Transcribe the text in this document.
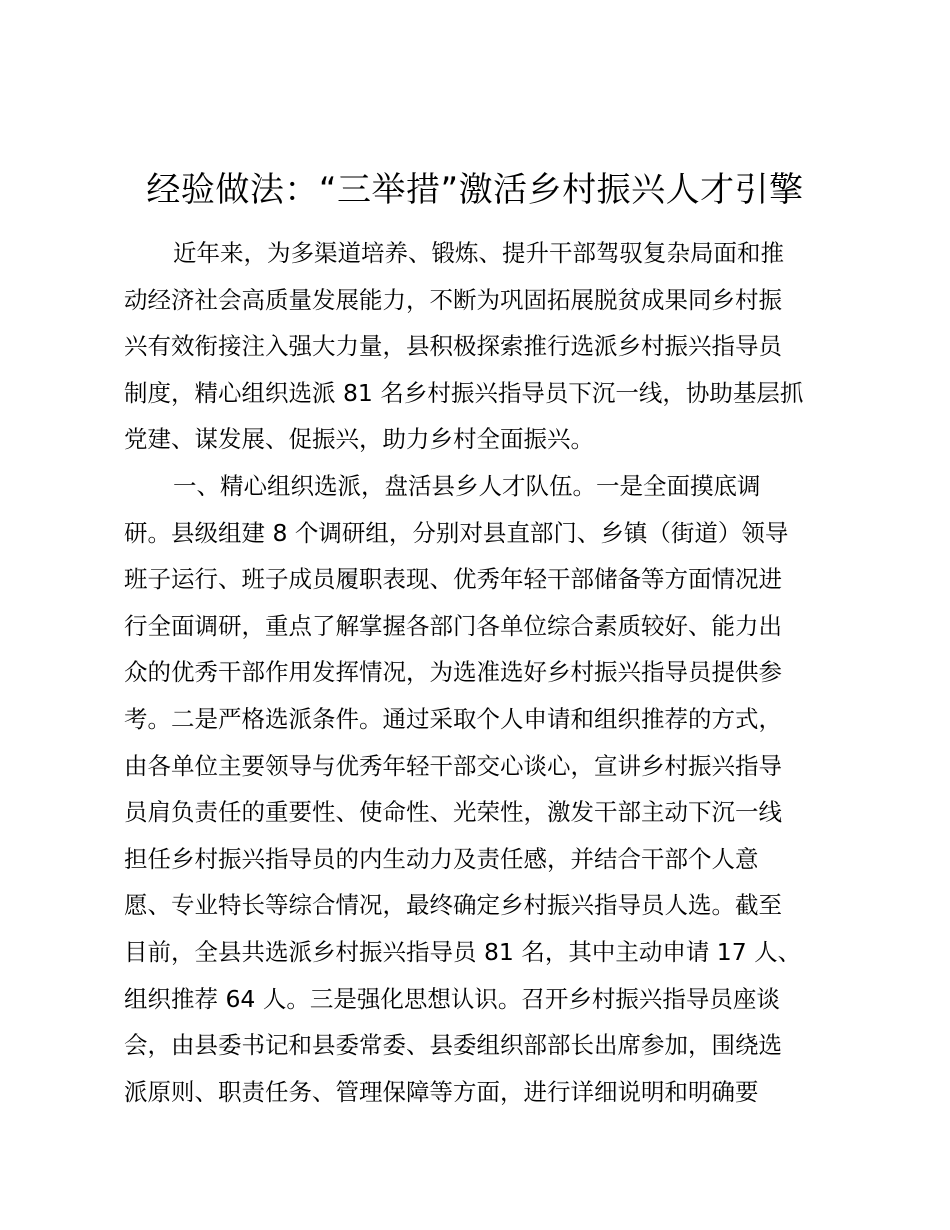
经验做法：“三举措”激活乡村振兴人才引擎
近年来，为多渠道培养、锻炼、提升干部驾驭复杂局面和推
动经济社会高质量发展能力，不断为巩固拓展脱贫成果同乡村振
兴有效衔接注入强大力量，县积极探索推行选派乡村振兴指导员
制度，精心组织选派 81 名乡村振兴指导员下沉一线，协助基层抓
党建、谋发展、促振兴，助力乡村全面振兴。
一、精心组织选派，盘活县乡人才队伍。一是全面摸底调
研。县级组建 8 个调研组，分别对县直部门、乡镇（街道）领导
班子运行、班子成员履职表现、优秀年轻干部储备等方面情况进
行全面调研，重点了解掌握各部门各单位综合素质较好、能力出
众的优秀干部作用发挥情况，为选准选好乡村振兴指导员提供参
考。二是严格选派条件。通过采取个人申请和组织推荐的方式，
由各单位主要领导与优秀年轻干部交心谈心，宣讲乡村振兴指导
员肩负责任的重要性、使命性、光荣性，激发干部主动下沉一线
担任乡村振兴指导员的内生动力及责任感，并结合干部个人意
愿、专业特长等综合情况，最终确定乡村振兴指导员人选。截至
目前，全县共选派乡村振兴指导员 81 名，其中主动申请 17 人、
组织推荐 64 人。三是强化思想认识。召开乡村振兴指导员座谈
会，由县委书记和县委常委、县委组织部部长出席参加，围绕选
派原则、职责任务、管理保障等方面，进行详细说明和明确要
